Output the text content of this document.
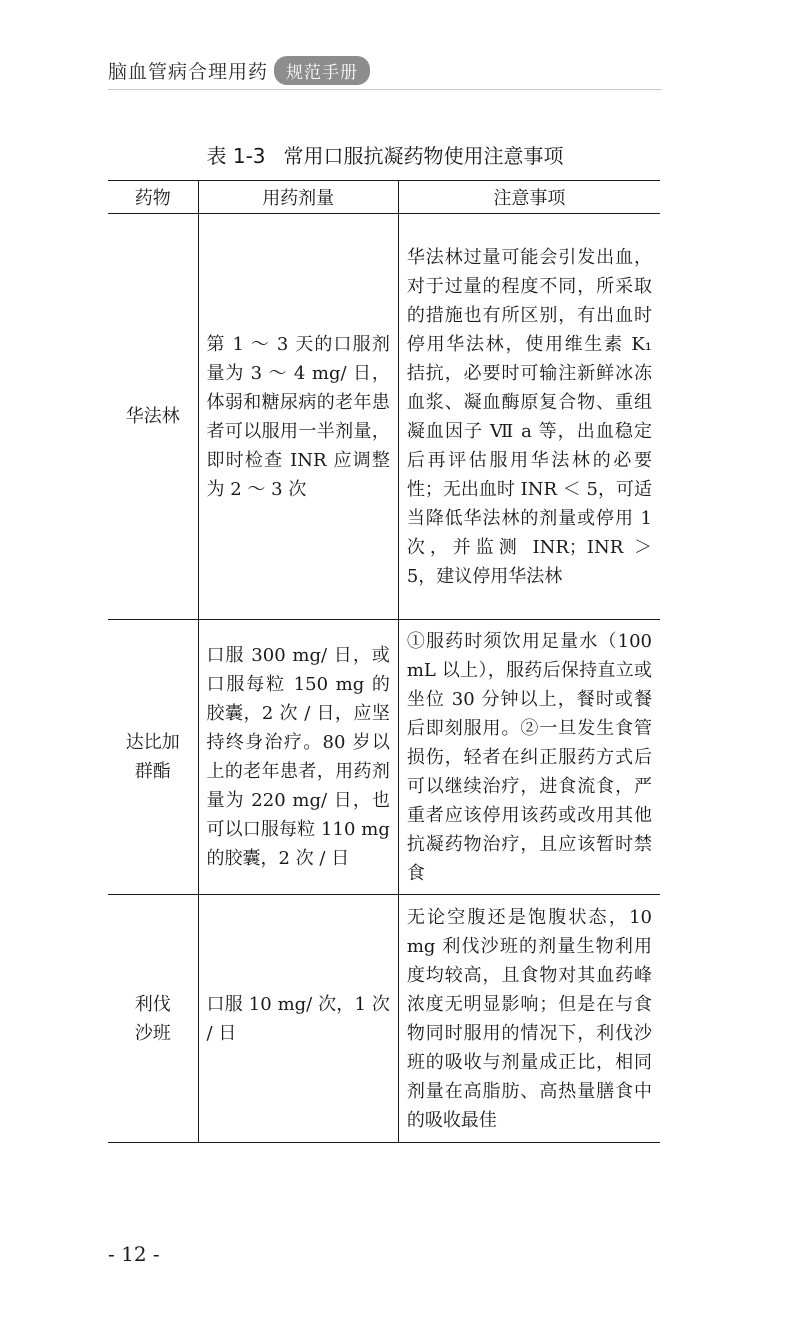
脑血管病合理用药	规范手册
表 1-3 常用口服抗凝药物使用注意事项
药物	用药剂量	注意事项

华法林	第 1 ～ 3 天的口服剂量为 3 ～ 4 mg/ 日，体弱和糖尿病的老年患者可以服用一半剂量，即时检查 INR 应调整为 2 ～ 3 次	华法林过量可能会引发出血，对于过量的程度不同，所采取的措施也有所区别，有出血时停用华法林，使用维生素 K₁ 拮抗，必要时可输注新鲜冰冻血浆、凝血酶原复合物、重组凝血因子 Ⅶ a 等，出血稳定后再评估服用华法林的必要性；无出血时 INR ＜ 5，可适当降低华法林的剂量或停用 1 次，并监测 INR；INR ＞ 5，建议停用华法林

达比加群酯	口服 300 mg/ 日，或口服每粒 150 mg 的胶囊，2 次 / 日，应坚持终身治疗。80 岁以上的老年患者，用药剂量为 220 mg/ 日，也可以口服每粒 110 mg 的胶囊，2 次 / 日	①服药时须饮用足量水（100 mL 以上），服药后保持直立或坐位 30 分钟以上，餐时或餐后即刻服用。②一旦发生食管损伤，轻者在纠正服药方式后可以继续治疗，进食流食，严重者应该停用该药或改用其他抗凝药物治疗，且应该暂时禁食

利伐沙班	口服 10 mg/ 次，1 次 / 日	无论空腹还是饱腹状态，10 mg 利伐沙班的剂量生物利用度均较高，且食物对其血药峰浓度无明显影响；但是在与食物同时服用的情况下，利伐沙班的吸收与剂量成正比，相同剂量在高脂肪、高热量膳食中的吸收最佳
- 12 -
